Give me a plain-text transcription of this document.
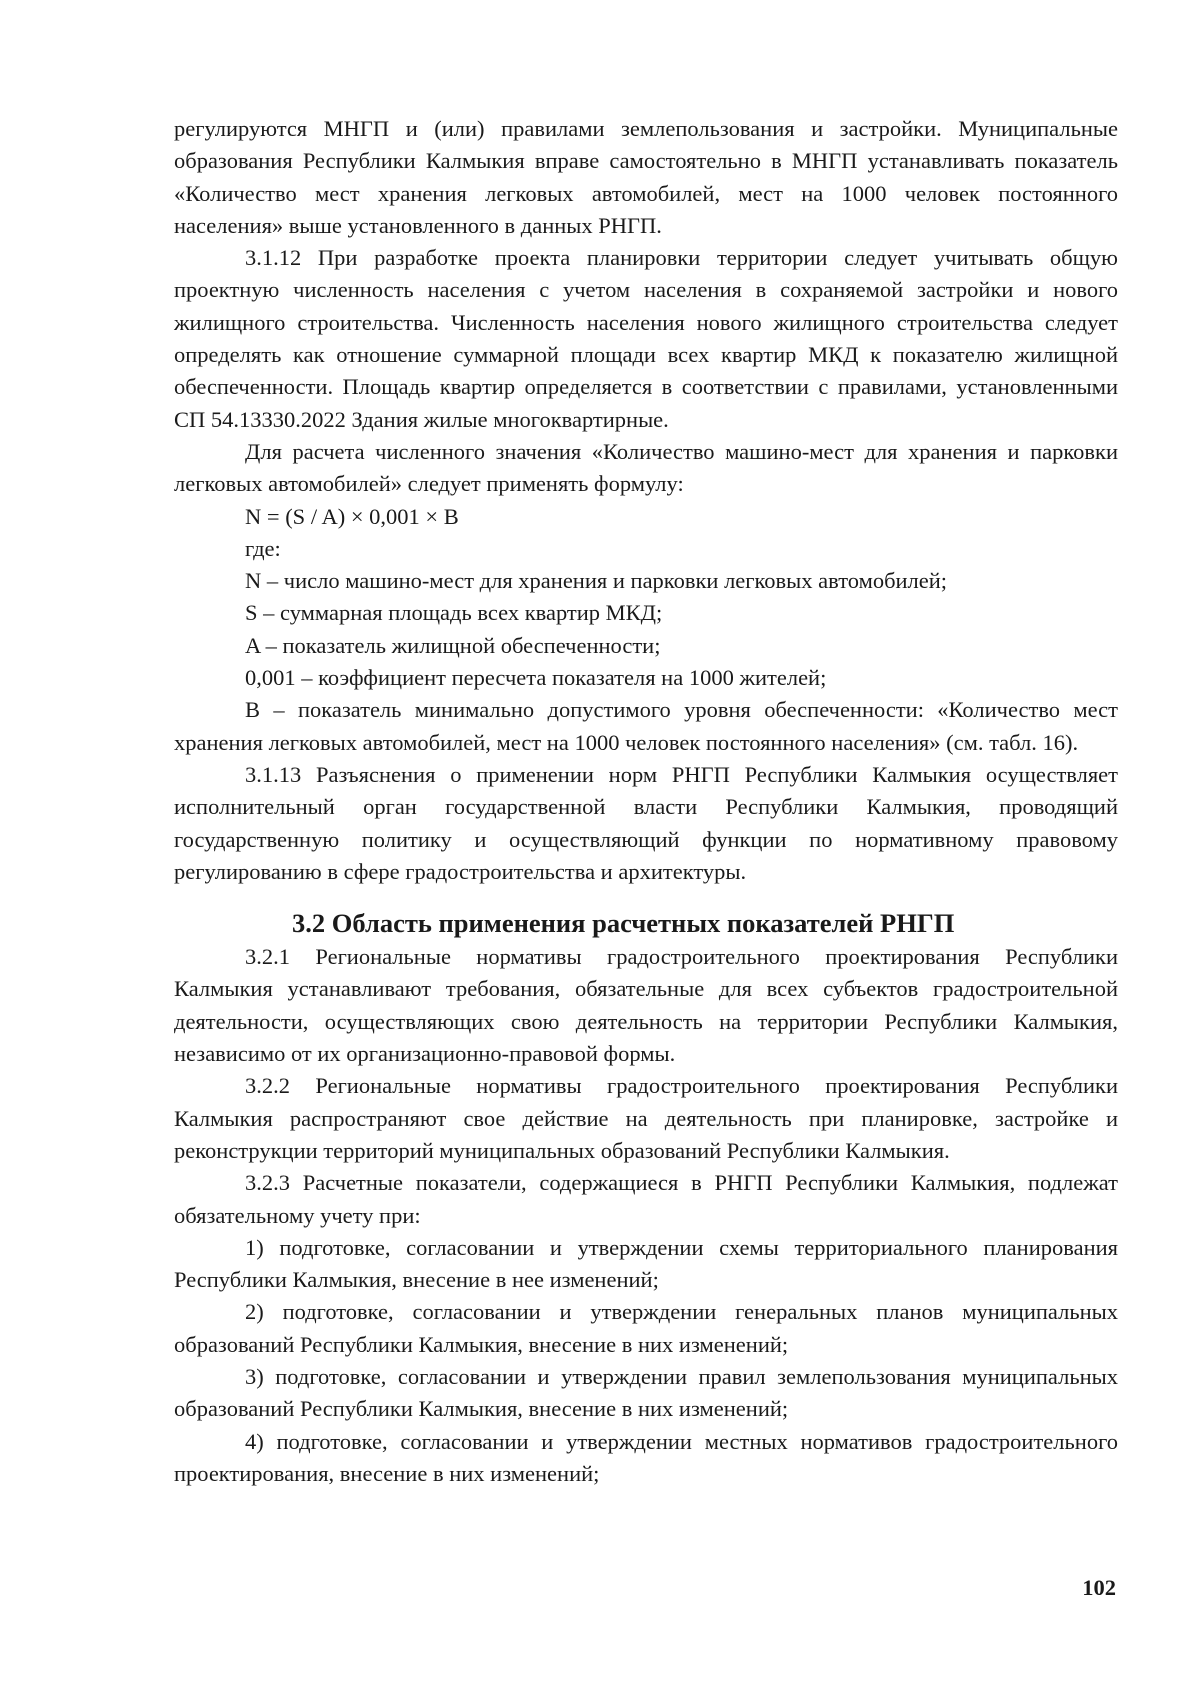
регулируются МНГП и (или) правилами землепользования и застройки. Муниципальные образования Республики Калмыкия вправе самостоятельно в МНГП устанавливать показатель «Количество мест хранения легковых автомобилей, мест на 1000 человек постоянного населения» выше установленного в данных РНГП.

3.1.12 При разработке проекта планировки территории следует учитывать общую проектную численность населения с учетом населения в сохраняемой застройки и нового жилищного строительства. Численность населения нового жилищного строительства следует определять как отношение суммарной площади всех квартир МКД к показателю жилищной обеспеченности. Площадь квартир определяется в соответствии с правилами, установленными СП 54.13330.2022 Здания жилые многоквартирные.

Для расчета численного значения «Количество машино-мест для хранения и парковки легковых автомобилей» следует применять формулу:

N = (S / A) × 0,001 × B

где:

N – число машино-мест для хранения и парковки легковых автомобилей;

S – суммарная площадь всех квартир МКД;

A – показатель жилищной обеспеченности;

0,001 – коэффициент пересчета показателя на 1000 жителей;

B – показатель минимально допустимого уровня обеспеченности: «Количество мест хранения легковых автомобилей, мест на 1000 человек постоянного населения» (см. табл. 16).

3.1.13 Разъяснения о применении норм РНГП Республики Калмыкия осуществляет исполнительный орган государственной власти Республики Калмыкия, проводящий государственную политику и осуществляющий функции по нормативному правовому регулированию в сфере градостроительства и архитектуры.

3.2 Область применения расчетных показателей РНГП

3.2.1 Региональные нормативы градостроительного проектирования Республики Калмыкия устанавливают требования, обязательные для всех субъектов градостроительной деятельности, осуществляющих свою деятельность на территории Республики Калмыкия, независимо от их организационно-правовой формы.

3.2.2 Региональные нормативы градостроительного проектирования Республики Калмыкия распространяют свое действие на деятельность при планировке, застройке и реконструкции территорий муниципальных образований Республики Калмыкия.

3.2.3 Расчетные показатели, содержащиеся в РНГП Республики Калмыкия, подлежат обязательному учету при:

1) подготовке, согласовании и утверждении схемы территориального планирования Республики Калмыкия, внесение в нее изменений;

2) подготовке, согласовании и утверждении генеральных планов муниципальных образований Республики Калмыкия, внесение в них изменений;

3) подготовке, согласовании и утверждении правил землепользования муниципальных образований Республики Калмыкия, внесение в них изменений;

4) подготовке, согласовании и утверждении местных нормативов градостроительного проектирования, внесение в них изменений;

102
